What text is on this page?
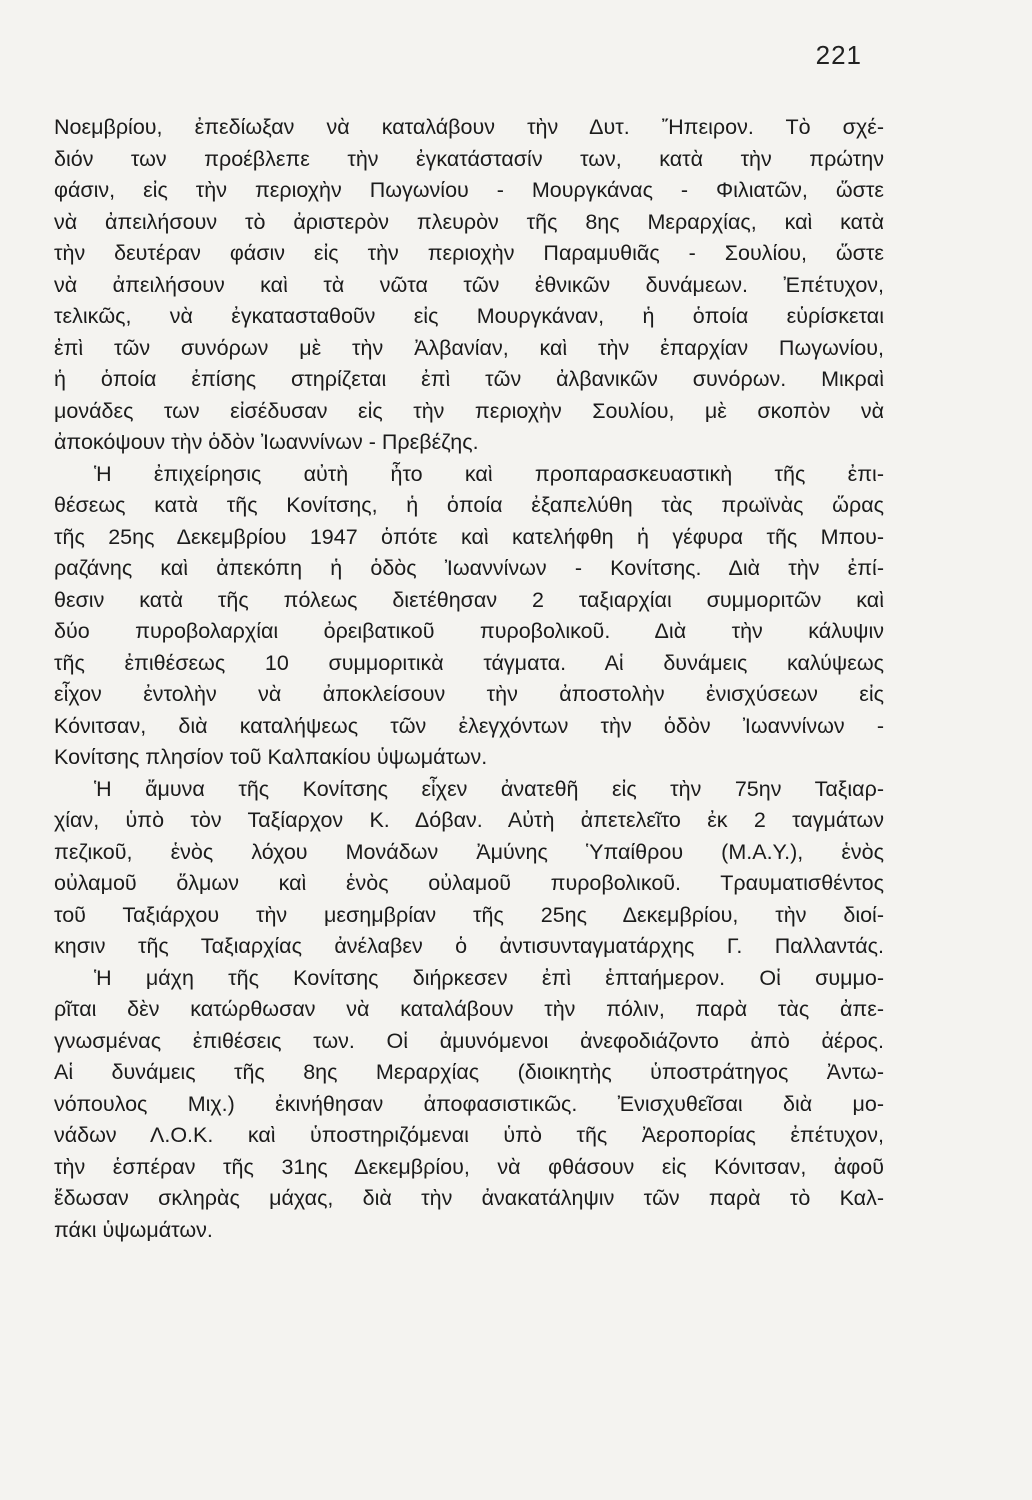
221
Νοεμβρίου, ἐπεδίωξαν νὰ καταλάβουν τὴν Δυτ. Ἤπειρον. Τὸ σχέ-
διόν των προέβλεπε τὴν ἐγκατάστασίν των, κατὰ τὴν πρώτην
φάσιν, εἰς τὴν περιοχὴν Πωγωνίου - Μουργκάνας - Φιλιατῶν, ὥστε
νὰ ἀπειλήσουν τὸ ἀριστερὸν πλευρὸν τῆς 8ης Μεραρχίας, καὶ κατὰ
τὴν δευτέραν φάσιν εἰς τὴν περιοχὴν Παραμυθιᾶς - Σουλίου, ὥστε
νὰ ἀπειλήσουν καὶ τὰ νῶτα τῶν ἐθνικῶν δυνάμεων. Ἐπέτυχον,
τελικῶς, νὰ ἐγκατασταθοῦν εἰς Μουργκάναν, ἡ ὁποία εὑρίσκεται
ἐπὶ τῶν συνόρων μὲ τὴν Ἀλβανίαν, καὶ τὴν ἐπαρχίαν Πωγωνίου,
ἡ ὁποία ἐπίσης στηρίζεται ἐπὶ τῶν ἀλβανικῶν συνόρων. Μικραὶ
μονάδες των εἰσέδυσαν εἰς τὴν περιοχὴν Σουλίου, μὲ σκοπὸν νὰ
ἀποκόψουν τὴν ὁδὸν Ἰωαννίνων - Πρεβέζης.
Ἡ ἐπιχείρησις αὐτὴ ἦτο καὶ προπαρασκευαστικὴ τῆς ἐπι-
θέσεως κατὰ τῆς Κονίτσης, ἡ ὁποία ἐξαπελύθη τὰς πρωϊνὰς ὥρας
τῆς 25ης Δεκεμβρίου 1947 ὁπότε καὶ κατελήφθη ἡ γέφυρα τῆς Μπου-
ραζάνης καὶ ἀπεκόπη ἡ ὁδὸς Ἰωαννίνων - Κονίτσης. Διὰ τὴν ἐπί-
θεσιν κατὰ τῆς πόλεως διετέθησαν 2 ταξιαρχίαι συμμοριτῶν καὶ
δύο πυροβολαρχίαι ὀρειβατικοῦ πυροβολικοῦ. Διὰ τὴν κάλυψιν
τῆς ἐπιθέσεως 10 συμμοριτικὰ τάγματα. Αἱ δυνάμεις καλύψεως
εἶχον ἐντολὴν νὰ ἀποκλείσουν τὴν ἀποστολὴν ἐνισχύσεων εἰς
Κόνιτσαν, διὰ καταλήψεως τῶν ἐλεγχόντων τὴν ὁδὸν Ἰωαννίνων -
Κονίτσης πλησίον τοῦ Καλπακίου ὑψωμάτων.
Ἡ ἄμυνα τῆς Κονίτσης εἶχεν ἀνατεθῆ εἰς τὴν 75ην Ταξιαρ-
χίαν, ὑπὸ τὸν Ταξίαρχον Κ. Δόβαν. Αὐτὴ ἀπετελεῖτο ἐκ 2 ταγμάτων
πεζικοῦ, ἑνὸς λόχου Μονάδων Ἀμύνης Ὑπαίθρου (Μ.Α.Υ.), ἑνὸς
οὐλαμοῦ ὅλμων καὶ ἑνὸς οὐλαμοῦ πυροβολικοῦ. Τραυματισθέντος
τοῦ Ταξιάρχου τὴν μεσημβρίαν τῆς 25ης Δεκεμβρίου, τὴν διοί-
κησιν τῆς Ταξιαρχίας ἀνέλαβεν ὁ ἀντισυνταγματάρχης Γ. Παλλαντάς.
Ἡ μάχη τῆς Κονίτσης διήρκεσεν ἐπὶ ἑπταήμερον. Οἱ συμμο-
ρῖται δὲν κατώρθωσαν νὰ καταλάβουν τὴν πόλιν, παρὰ τὰς ἀπε-
γνωσμένας ἐπιθέσεις των. Οἱ ἀμυνόμενοι ἀνεφοδιάζοντο ἀπὸ ἀέρος.
Αἱ δυνάμεις τῆς 8ης Μεραρχίας (διοικητὴς ὑποστράτηγος Ἀντω-
νόπουλος Μιχ.) ἐκινήθησαν ἀποφασιστικῶς. Ἐνισχυθεῖσαι διὰ μο-
νάδων Λ.Ο.Κ. καὶ ὑποστηριζόμεναι ὑπὸ τῆς Ἀεροπορίας ἐπέτυχον,
τὴν ἑσπέραν τῆς 31ης Δεκεμβρίου, νὰ φθάσουν εἰς Κόνιτσαν, ἀφοῦ
ἔδωσαν σκληρὰς μάχας, διὰ τὴν ἀνακατάληψιν τῶν παρὰ τὸ Καλ-
πάκι ὑψωμάτων.
